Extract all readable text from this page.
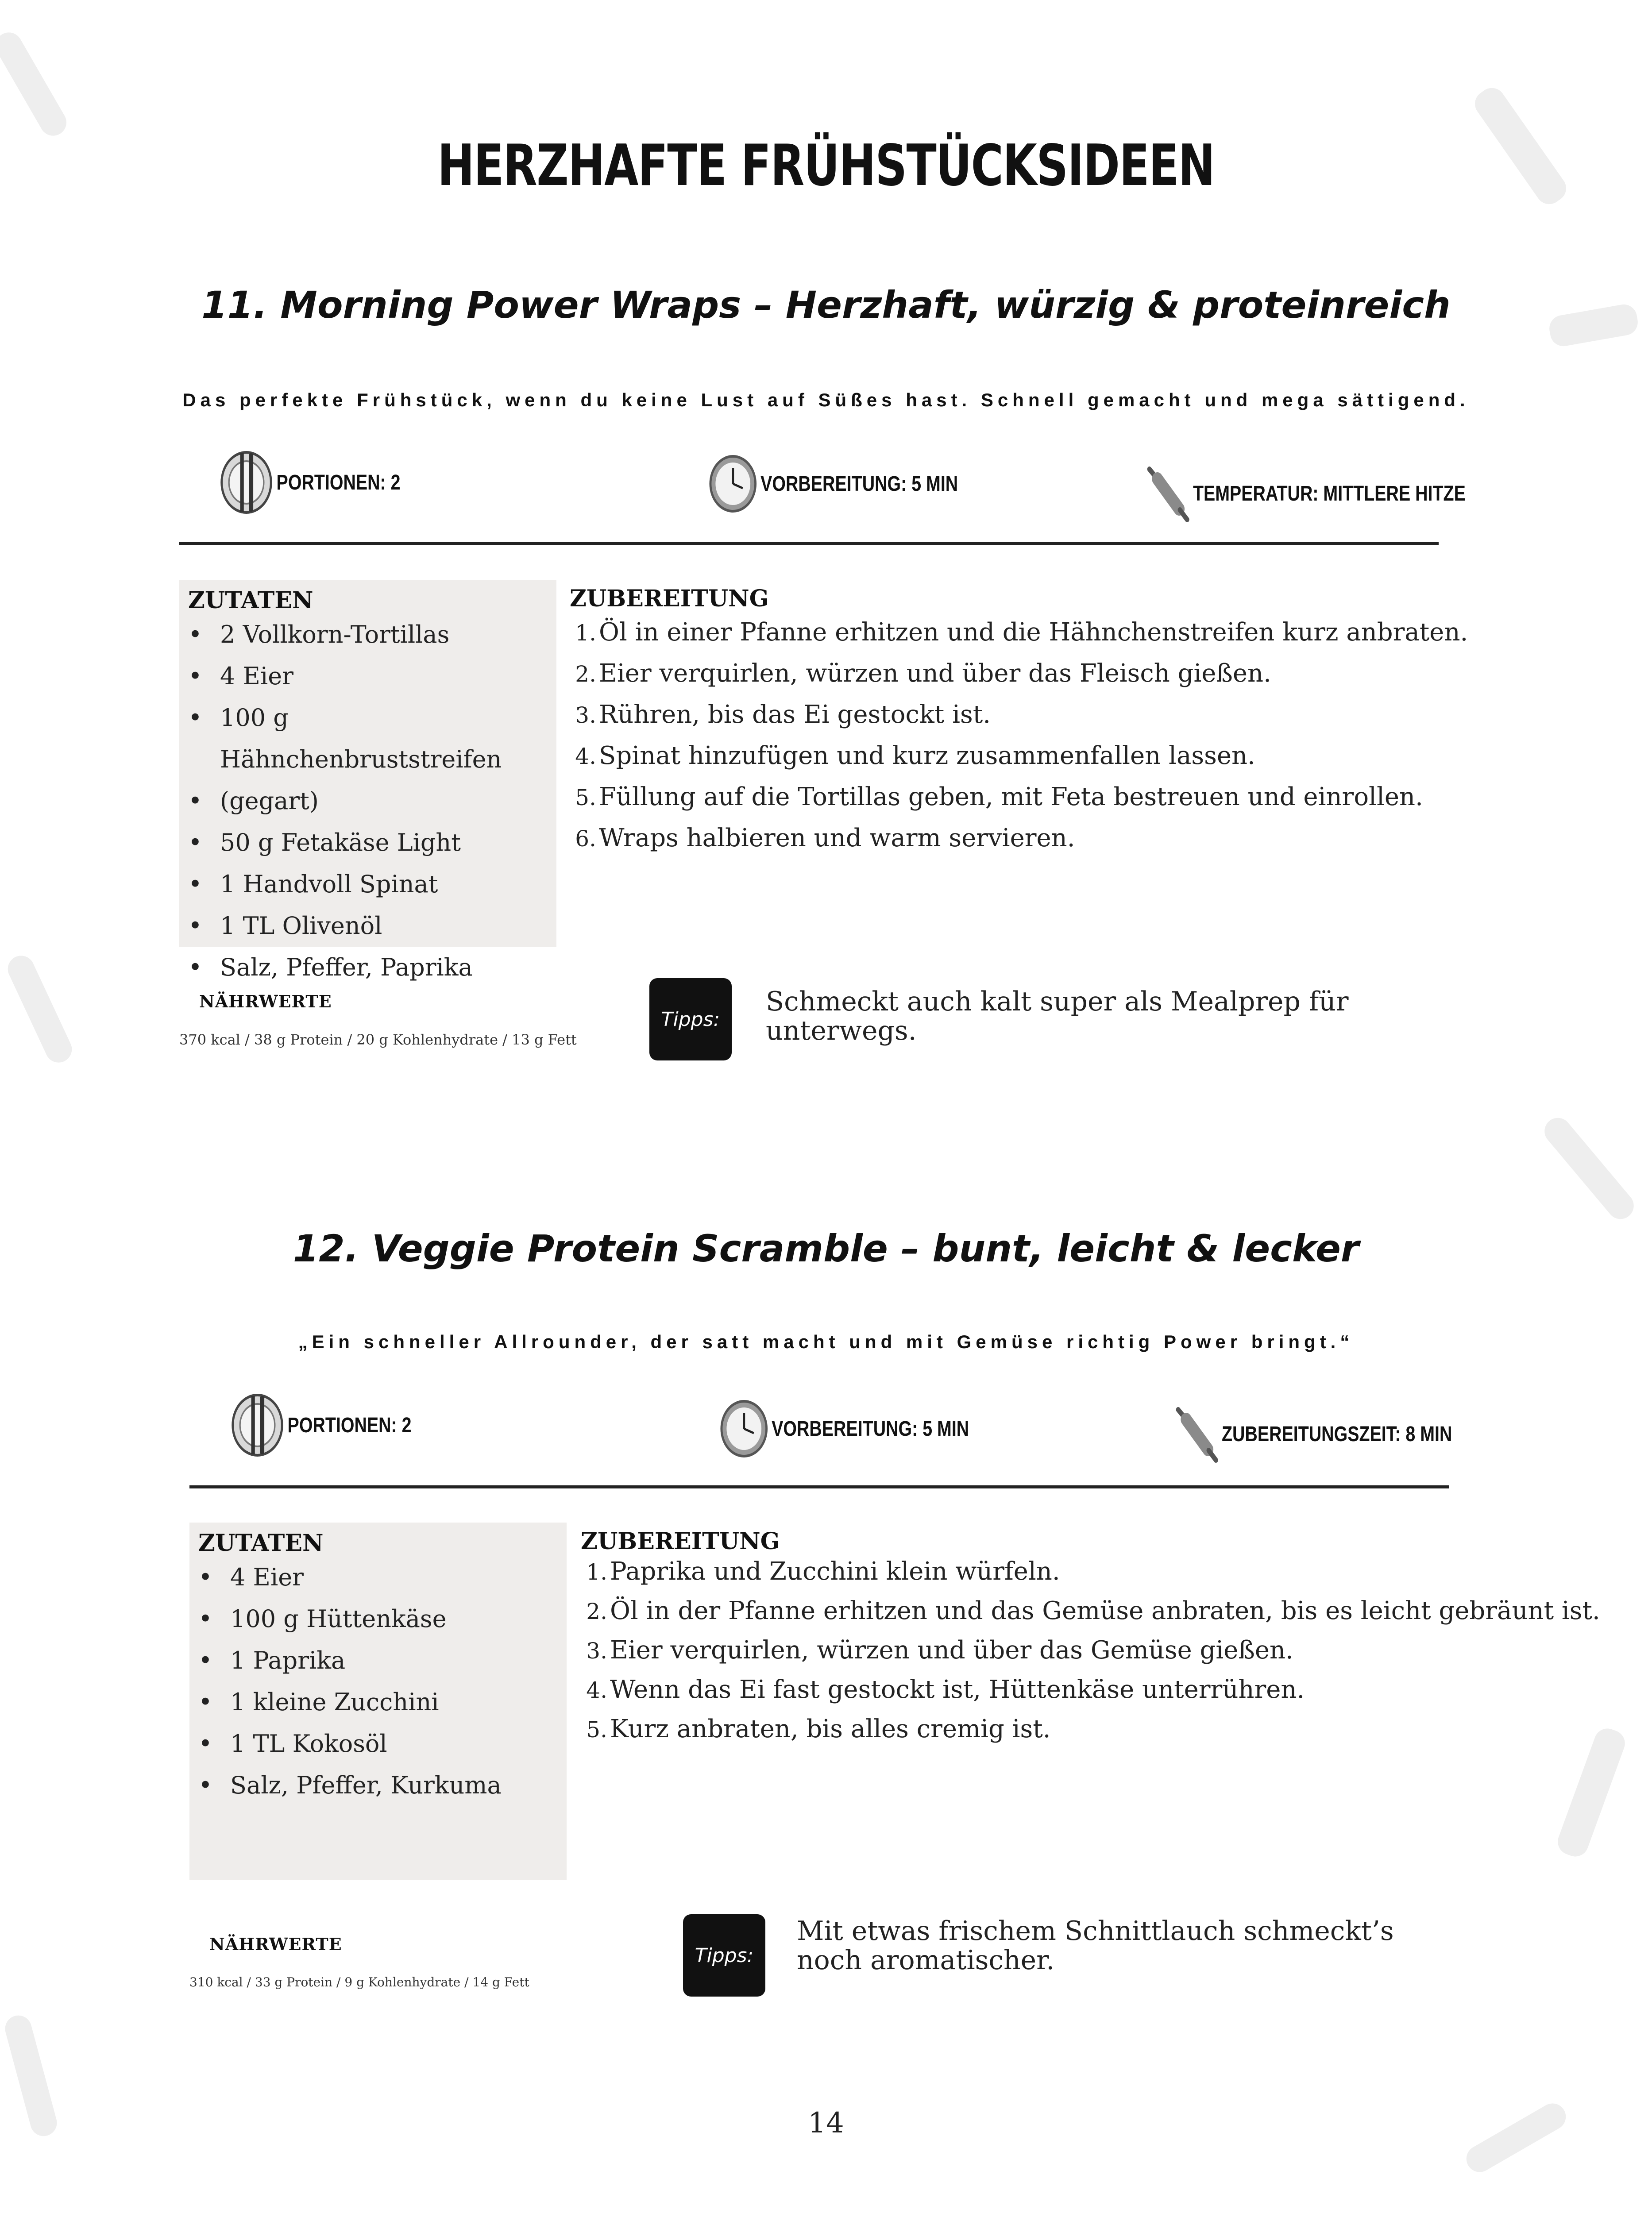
HERZHAFTE FRÜHSTÜCKSIDEEN
11. Morning Power Wraps – Herzhaft, würzig & proteinreich
Das perfekte Frühstück, wenn du keine Lust auf Süßes hast. Schnell gemacht und mega sättigend.
PORTIONEN: 2	VORBEREITUNG: 5 MIN	TEMPERATUR: MITTLERE HITZE
ZUTATEN
• 2 Vollkorn-Tortillas
• 4 Eier
• 100 g Hähnchenbruststreifen
• (gegart)
• 50 g Fetakäse Light
• 1 Handvoll Spinat
• 1 TL Olivenöl
• Salz, Pfeffer, Paprika
ZUBEREITUNG
1. Öl in einer Pfanne erhitzen und die Hähnchenstreifen kurz anbraten.
2. Eier verquirlen, würzen und über das Fleisch gießen.
3. Rühren, bis das Ei gestockt ist.
4. Spinat hinzufügen und kurz zusammenfallen lassen.
5. Füllung auf die Tortillas geben, mit Feta bestreuen und einrollen.
6. Wraps halbieren und warm servieren.
NÄHRWERTE
370 kcal / 38 g Protein / 20 g Kohlenhydrate / 13 g Fett
Tipps:
Schmeckt auch kalt super als Mealprep für unterwegs.
12. Veggie Protein Scramble – bunt, leicht & lecker
„Ein schneller Allrounder, der satt macht und mit Gemüse richtig Power bringt.“
PORTIONEN: 2	VORBEREITUNG: 5 MIN	ZUBEREITUNGSZEIT: 8 MIN
ZUTATEN
• 4 Eier
• 100 g Hüttenkäse
• 1 Paprika
• 1 kleine Zucchini
• 1 TL Kokosöl
• Salz, Pfeffer, Kurkuma
ZUBEREITUNG
1. Paprika und Zucchini klein würfeln.
2. Öl in der Pfanne erhitzen und das Gemüse anbraten, bis es leicht gebräunt ist.
3. Eier verquirlen, würzen und über das Gemüse gießen.
4. Wenn das Ei fast gestockt ist, Hüttenkäse unterrühren.
5. Kurz anbraten, bis alles cremig ist.
NÄHRWERTE
310 kcal / 33 g Protein / 9 g Kohlenhydrate / 14 g Fett
Tipps:
Mit etwas frischem Schnittlauch schmeckt’s noch aromatischer.
14
